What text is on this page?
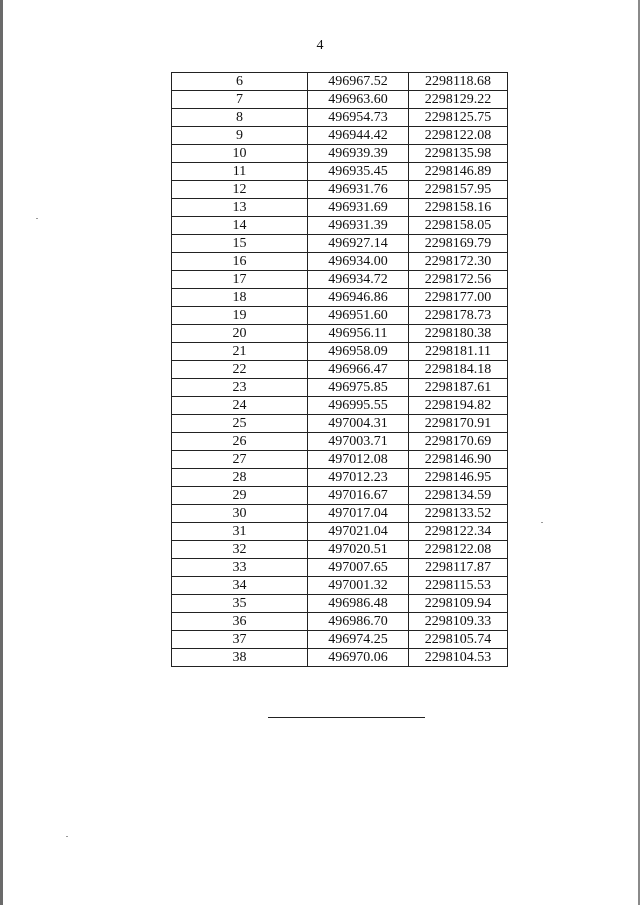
4
6	496967.52	2298118.68
7	496963.60	2298129.22
8	496954.73	2298125.75
9	496944.42	2298122.08
10	496939.39	2298135.98
11	496935.45	2298146.89
12	496931.76	2298157.95
13	496931.69	2298158.16
14	496931.39	2298158.05
15	496927.14	2298169.79
16	496934.00	2298172.30
17	496934.72	2298172.56
18	496946.86	2298177.00
19	496951.60	2298178.73
20	496956.11	2298180.38
21	496958.09	2298181.11
22	496966.47	2298184.18
23	496975.85	2298187.61
24	496995.55	2298194.82
25	497004.31	2298170.91
26	497003.71	2298170.69
27	497012.08	2298146.90
28	497012.23	2298146.95
29	497016.67	2298134.59
30	497017.04	2298133.52
31	497021.04	2298122.34
32	497020.51	2298122.08
33	497007.65	2298117.87
34	497001.32	2298115.53
35	496986.48	2298109.94
36	496986.70	2298109.33
37	496974.25	2298105.74
38	496970.06	2298104.53
